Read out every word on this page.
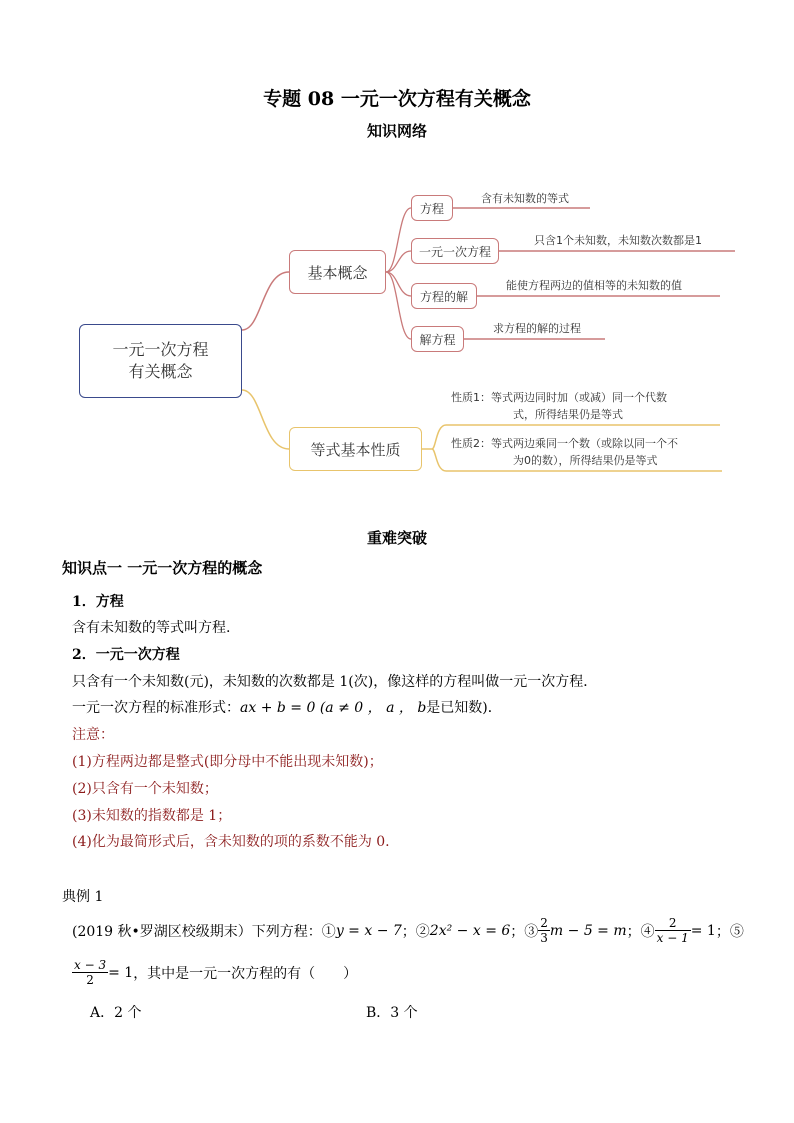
专题 08 一元一次方程有关概念
知识网络
一元一次方程
有关概念
基本概念
等式基本性质
方程
一元一次方程
方程的解
解方程
含有未知数的等式
只含1个未知数，未知数次数都是1
能使方程两边的值相等的未知数的值
求方程的解的过程
性质1：等式两边同时加（或减）同一个代数
式，所得结果仍是等式
性质2：等式两边乘同一个数（或除以同一个不
为0的数），所得结果仍是等式
重难突破
知识点一 一元一次方程的概念
1．方程
含有未知数的等式叫方程.
2．一元一次方程
只含有一个未知数(元)，未知数的次数都是 1(次)，像这样的方程叫做一元一次方程．
一元一次方程的标准形式：ax + b = 0 (a ≠ 0 ， a ， b是已知数)．
注意：
(1)方程两边都是整式(即分母中不能出现未知数)；
(2)只含有一个未知数；
(3)未知数的指数都是 1；
(4)化为最简形式后，含未知数的项的系数不能为 0.
典例 1
(2019 秋•罗湖区校级期末）下列方程：① y = x − 7 ；② 2x² − x = 6 ；③ $\frac{2}{3}$ m − 5 = m ；④ $\frac{2}{x - 1} = 1$ ；⑤
$\frac{x - 3}{2} = 1$ ，其中是一元一次方程的有（　　）
A．2 个	B．3 个
